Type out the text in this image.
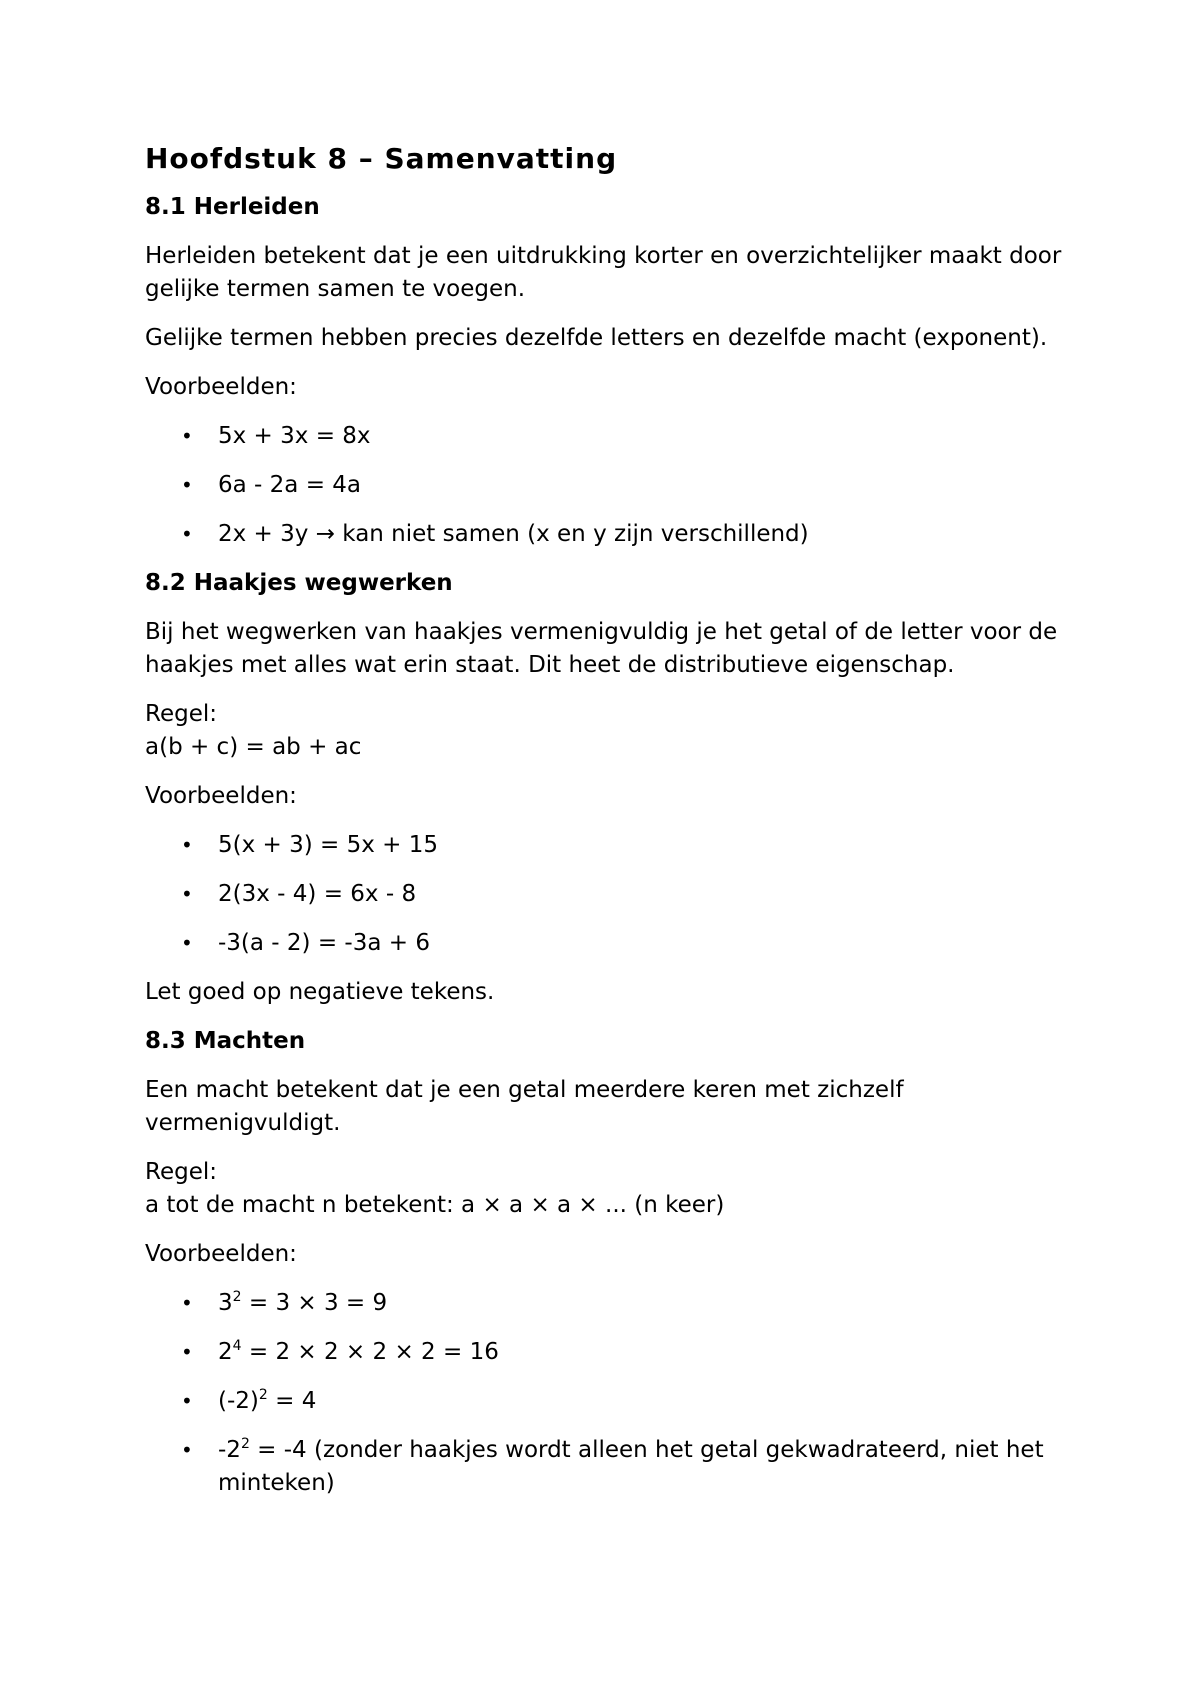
Hoofdstuk 8 – Samenvatting
8.1 Herleiden

Herleiden betekent dat je een uitdrukking korter en overzichtelijker maakt door gelijke termen samen te voegen.

Gelijke termen hebben precies dezelfde letters en dezelfde macht (exponent).

Voorbeelden:

• 5x + 3x = 8x
• 6a - 2a = 4a
• 2x + 3y → kan niet samen (x en y zijn verschillend)
8.2 Haakjes wegwerken

Bij het wegwerken van haakjes vermenigvuldig je het getal of de letter voor de haakjes met alles wat erin staat. Dit heet de distributieve eigenschap.

Regel:
a(b + c) = ab + ac

Voorbeelden:

• 5(x + 3) = 5x + 15
• 2(3x - 4) = 6x - 8
• -3(a - 2) = -3a + 6

Let goed op negatieve tekens.

8.3 Machten

Een macht betekent dat je een getal meerdere keren met zichzelf vermenigvuldigt.

Regel:
a tot de macht n betekent: a × a × a × ... (n keer)

Voorbeelden:

• $3^2 = 3 \times 3 = 9$
• $2^4 = 2 \times 2 \times 2 \times 2 = 16$
• $(-2)^2 = 4$
• $-2^2 = -4$ (zonder haakjes wordt alleen het getal gekwadrateerd, niet het minteken)
